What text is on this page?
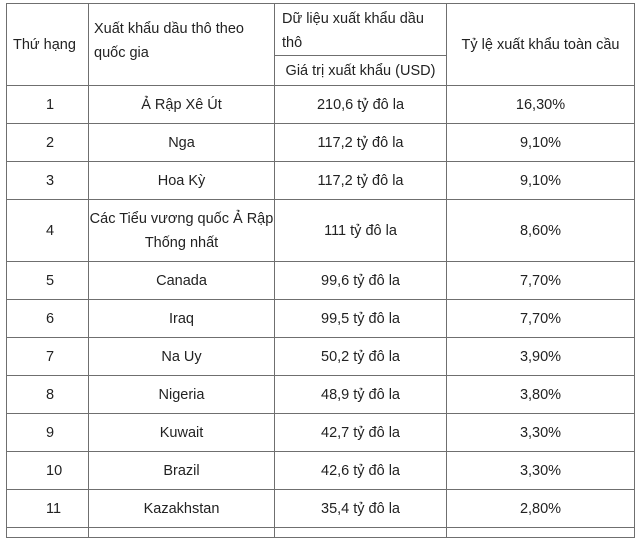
Thứ hạng	Xuất khẩu dầu thô theo quốc gia	Dữ liệu xuất khẩu dầu thô	Tỷ lệ xuất khẩu toàn cầu
		Giá trị xuất khẩu (USD)	
1	Ả Rập Xê Út	210,6 tỷ đô la	16,30%
2	Nga	117,2 tỷ đô la	9,10%
3	Hoa Kỳ	117,2 tỷ đô la	9,10%
4	Các Tiểu vương quốc Ả Rập Thống nhất	111 tỷ đô la	8,60%
5	Canada	99,6 tỷ đô la	7,70%
6	Iraq	99,5 tỷ đô la	7,70%
7	Na Uy	50,2 tỷ đô la	3,90%
8	Nigeria	48,9 tỷ đô la	3,80%
9	Kuwait	42,7 tỷ đô la	3,30%
10	Brazil	42,6 tỷ đô la	3,30%
11	Kazakhstan	35,4 tỷ đô la	2,80%
